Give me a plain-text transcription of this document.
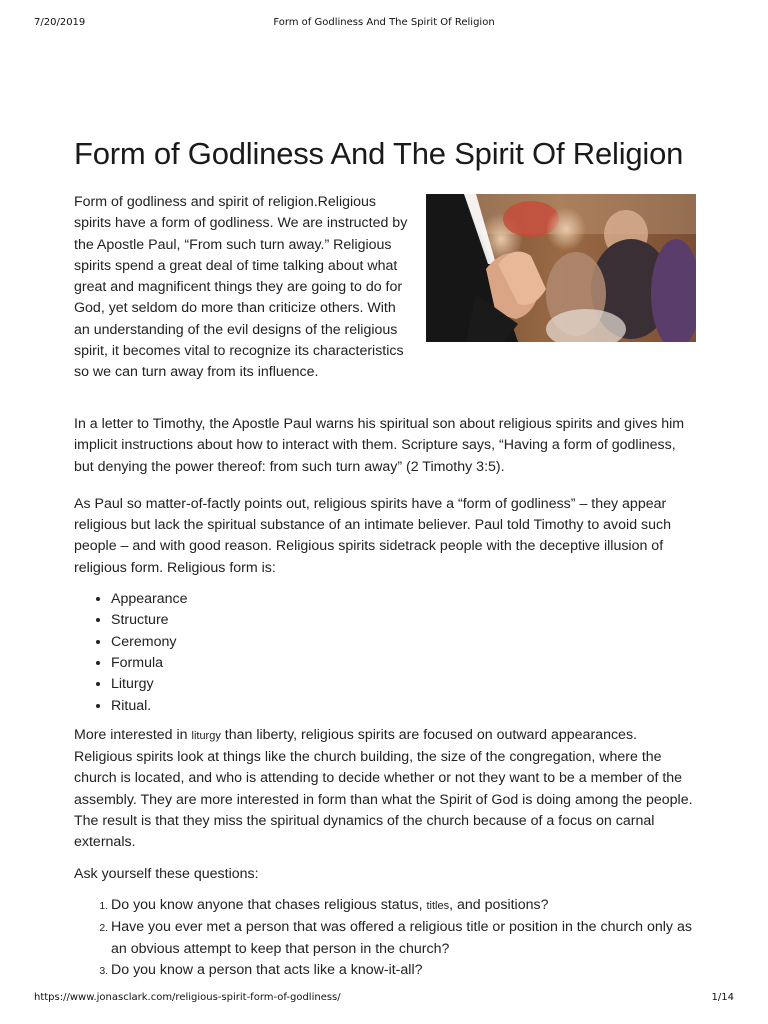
7/20/2019	Form of Godliness And The Spirit Of Religion
Form of Godliness And The Spirit Of Religion

Form of godliness and spirit of religion.Religious spirits have a form of godliness. We are instructed by the Apostle Paul, “From such turn away.” Religious spirits spend a great deal of time talking about what great and magnificent things they are going to do for God, yet seldom do more than criticize others. With an understanding of the evil designs of the religious spirit, it becomes vital to recognize its characteristics so we can turn away from its influence.

In a letter to Timothy, the Apostle Paul warns his spiritual son about religious spirits and gives him implicit instructions about how to interact with them. Scripture says, “Having a form of godliness, but denying the power thereof: from such turn away” (2 Timothy 3:5).

As Paul so matter-of-factly points out, religious spirits have a “form of godliness” – they appear religious but lack the spiritual substance of an intimate believer. Paul told Timothy to avoid such people – and with good reason. Religious spirits sidetrack people with the deceptive illusion of religious form. Religious form is:

• Appearance
• Structure
• Ceremony
• Formula
• Liturgy
• Ritual.

More interested in liturgy than liberty, religious spirits are focused on outward appearances. Religious spirits look at things like the church building, the size of the congregation, where the church is located, and who is attending to decide whether or not they want to be a member of the assembly. They are more interested in form than what the Spirit of God is doing among the people. The result is that they miss the spiritual dynamics of the church because of a focus on carnal externals.

Ask yourself these questions:

1. Do you know anyone that chases religious status, titles, and positions?
2. Have you ever met a person that was offered a religious title or position in the church only as an obvious attempt to keep that person in the church?
3. Do you know a person that acts like a know-it-all?
https://www.jonasclark.com/religious-spirit-form-of-godliness/	1/14
